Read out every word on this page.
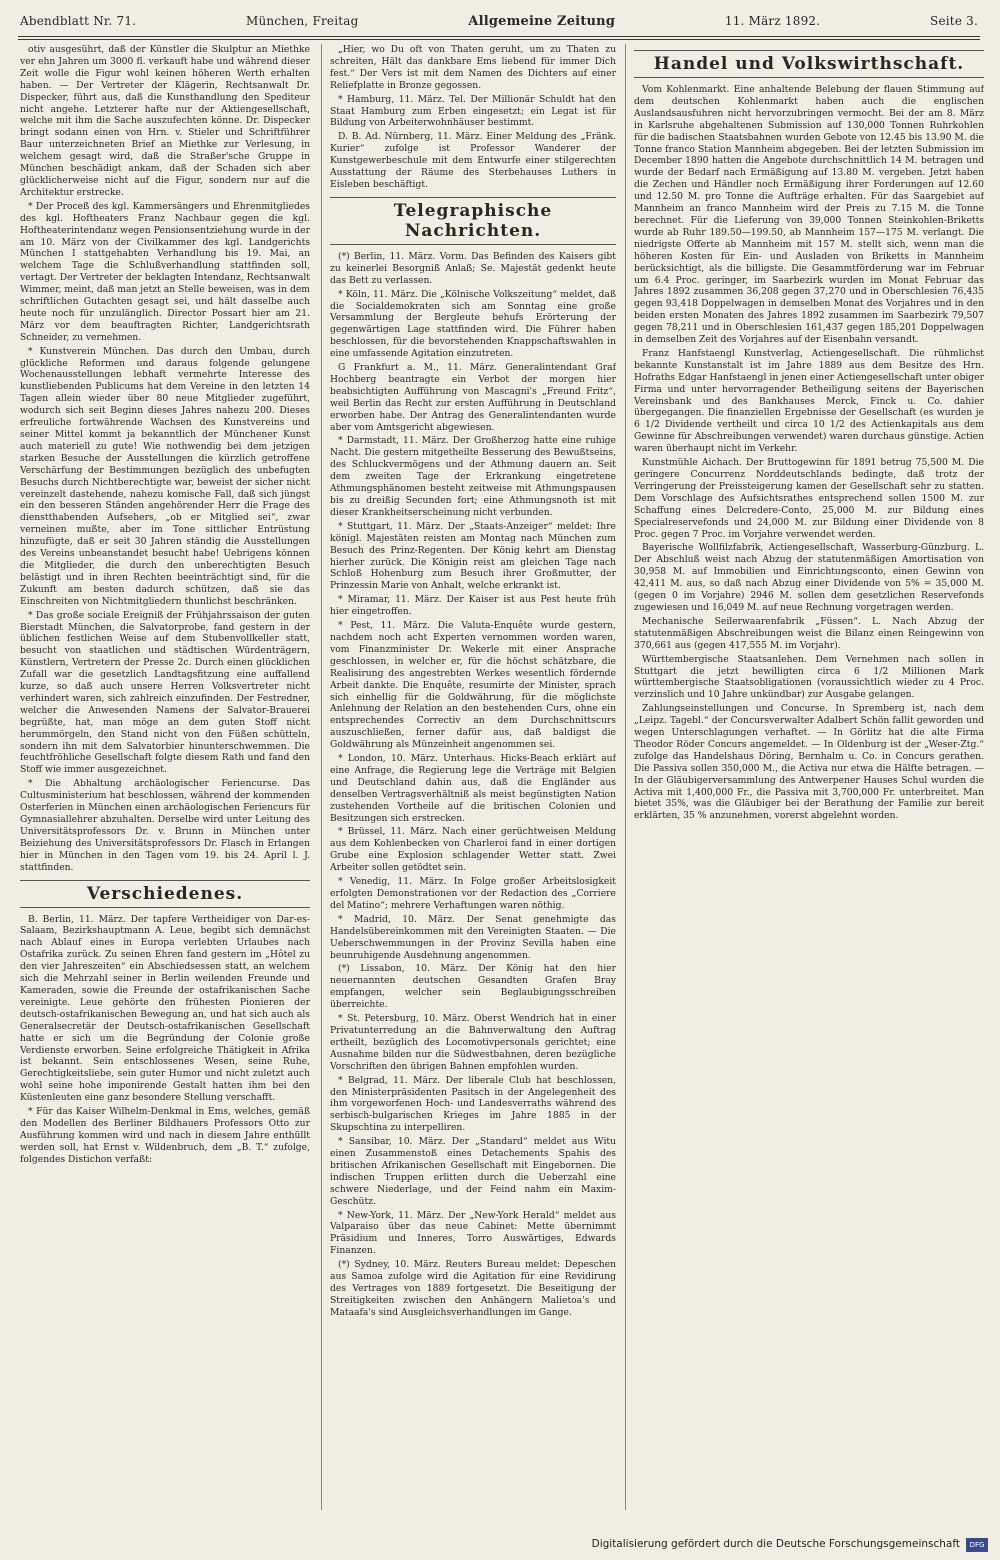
Abendblatt Nr. 71.	München, Freitag	Allgemeine Zeitung	11. März 1892.	Seite 3.
otiv ausgesührt, daß der Künstler die Skulptur an Miethke ver ehn Jahren um 3000 fl. verkauft habe und während dieser Zeit wolle die Figur wohl keinen höheren Werth erhalten haben. — Der Vertreter der Klägerin, Rechtsanwalt Dr. Dispecker, führt aus, daß die Kunsthandlung den Spediteur nicht angehe. Letzterer hafte nur der Aktiengesellschaft, welche mit ihm die Sache auszufechten könne. Dr. Dispecker bringt sodann einen von Hrn. v. Stieler und Schriftführer Baur unterzeichneten Brief an Miethke zur Verlesung, in welchem gesagt wird, daß die Straßer'sche Gruppe in München beschädigt ankam, daß der Schaden sich aber glücklicherweise nicht auf die Figur, sondern nur auf die Architektur erstrecke.
* Der Proceß des kgl. Kammersängers und Ehrenmitgliedes des kgl. Hoftheaters Franz Nachbaur gegen die kgl. Hoftheaterintendanz wegen Pensionsentziehung wurde in der am 10. März von der Civilkammer des kgl. Landgerichts München I stattgehabten Verhandlung bis 19. Mai, an welchem Tage die Schlußverhandlung stattfinden soll, vertagt. Der Vertreter der beklagten Intendanz, Rechtsanwalt Wimmer, meint, daß man jetzt an Stelle beweisen, was in dem schriftlichen Gutachten gesagt sei, und hält dasselbe auch heute noch für unzulänglich. Director Possart hier am 21. März vor dem beauftragten Richter, Landgerichtsrath Schneider, zu vernehmen.
* Kunstverein München. Das durch den Umbau, durch glückliche Reformen und daraus folgende gelungene Wochenausstellungen lebhaft vermehrte Interesse des kunstliebenden Publicums hat dem Vereine in den letzten 14 Tagen allein wieder über 80 neue Mitglieder zugeführt, wodurch sich seit Beginn dieses Jahres nahezu 200. Dieses erfreuliche fortwährende Wachsen des Kunstvereins und seiner Mittel kommt ja bekanntlich der Münchener Kunst auch materiell zu gute! Wie nothwendig bei dem jetzigen starken Besuche der Ausstellungen die kürzlich getroffene Verschärfung der Bestimmungen bezüglich des unbefugten Besuchs durch Nichtberechtigte war, beweist der sicher nicht vereinzelt dastehende, nahezu komische Fall, daß sich jüngst ein den besseren Ständen angehörender Herr die Frage des dienstthabenden Aufsehers, „ob er Mitglied sei“, zwar verneinen mußte, aber im Tone sittlicher Entrüstung hinzufügte, daß er seit 30 Jahren ständig die Ausstellungen des Vereins unbeanstandet besucht habe! Uebrigens können die Mitglieder, die durch den unberechtigten Besuch belästigt und in ihren Rechten beeinträchtigt sind, für die Zukunft am besten dadurch schützen, daß sie das Einschreiten von Nichtmitgliedern thunlichst beschränken.
* Das große sociale Ereigniß der Frühjahrssaison der guten Bierstadt München, die Salvatorprobe, fand gestern in der üblichen festlichen Weise auf dem Stubenvollkeller statt, besucht von staatlichen und städtischen Würdenträgern, Künstlern, Vertretern der Presse 2c. Durch einen glücklichen Zufall war die gesetzlich Landtagsfitzung eine auffallend kurze, so daß auch unsere Herren Volksvertreter nicht verhindert waren, sich zahlreich einzufinden. Der Festredner, welcher die Anwesenden Namens der Salvator-Brauerei begrüßte, hat, man möge an dem guten Stoff nicht herummörgeln, den Stand nicht von den Füßen schütteln, sondern ihn mit dem Salvatorbier hinunterschwemmen. Die feuchtfröhliche Gesellschaft folgte diesem Rath und fand den Stoff wie immer ausgezeichnet.
* Die Abhaltung archäologischer Feriencurse. Das Cultusministerium hat beschlossen, während der kommenden Osterferien in München einen archäologischen Feriencurs für Gymnasiallehrer abzuhalten. Derselbe wird unter Leitung des Universitätsprofessors Dr. v. Brunn in München unter Beiziehung des Universitätsprofessors Dr. Flasch in Erlangen hier in München in den Tagen vom 19. bis 24. April l. J. stattfinden.
Verschiedenes.
B. Berlin, 11. März. Der tapfere Vertheidiger von Dar-es-Salaam, Bezirkshauptmann A. Leue, begibt sich demnächst nach Ablauf eines in Europa verlebten Urlaubes nach Ostafrika zurück. Zu seinen Ehren fand gestern im „Hôtel zu den vier Jahreszeiten“ ein Abschiedsessen statt, an welchem sich die Mehrzahl seiner in Berlin weilenden Freunde und Kameraden, sowie die Freunde der ostafrikanischen Sache vereinigte. Leue gehörte den frühesten Pionieren der deutsch-ostafrikanischen Bewegung an, und hat sich auch als Generalsecretär der Deutsch-ostafrikanischen Gesellschaft hatte er sich um die Begründung der Colonie große Verdienste erworben. Seine erfolgreiche Thätigkeit in Afrika ist bekannt. Sein entschlossenes Wesen, seine Ruhe, Gerechtigkeitsliebe, sein guter Humor und nicht zuletzt auch wohl seine hohe imponirende Gestalt hatten ihm bei den Küstenleuten eine ganz besondere Stellung verschafft.
* Für das Kaiser Wilhelm-Denkmal in Ems, welches, gemäß den Modellen des Berliner Bildhauers Professors Otto zur Ausführung kommen wird und nach in diesem Jahre enthüllt werden soll, hat Ernst v. Wildenbruch, dem „B. T.“ zufolge, folgendes Distichon verfaßt:
„Hier, wo Du oft von Thaten geruht, um zu Thaten zu schreiten, Hält das dankbare Ems liebend für immer Dich fest.“ Der Vers ist mit dem Namen des Dichters auf einer Reliefplatte in Bronze gegossen.
* Hamburg, 11. März. Tel. Der Millionär Schuldt hat den Staat Hamburg zum Erben eingesetzt; ein Legat ist für Bildung von Arbeiterwohnhäuser bestimmt.
D. B. Ad. Nürnberg, 11. März. Einer Meldung des „Fränk. Kurier“ zufolge ist Professor Wanderer der Kunstgewerbeschule mit dem Entwurfe einer stilgerechten Ausstattung der Räume des Sterbehauses Luthers in Eisleben beschäftigt.
Telegraphische Nachrichten.
(*) Berlin, 11. März. Vorm. Das Befinden des Kaisers gibt zu keinerlei Besorgniß Anlaß; Se. Majestät gedenkt heute das Bett zu verlassen.
* Köln, 11. März. Die „Kölnische Volkszeitung“ meldet, daß die Socialdemokraten sich am Sonntag eine große Versammlung der Bergleute behufs Erörterung der gegenwärtigen Lage stattfinden wird. Die Führer haben beschlossen, für die bevorstehenden Knappschaftswahlen in eine umfassende Agitation einzutreten.
G Frankfurt a. M., 11. März. Generalintendant Graf Hochberg beantragte ein Verbot der morgen hier beabsichtigten Aufführung von Mascagni's „Freund Fritz“, weil Berlin das Recht zur ersten Aufführung in Deutschland erworben habe. Der Antrag des Generalintendanten wurde aber vom Amtsgericht abgewiesen.
* Darmstadt, 11. März. Der Großherzog hatte eine ruhige Nacht. Die gestern mitgetheilte Besserung des Bewußtseins, des Schluckvermögens und der Athmung dauern an. Seit dem zweiten Tage der Erkrankung eingetretene Athmungsphänomen besteht zeitweise mit Athmungspausen bis zu dreißig Secunden fort; eine Athmungsnoth ist mit dieser Krankheitserscheinung nicht verbunden.
* Stuttgart, 11. März. Der „Staats-Anzeiger“ meldet: Ihre königl. Majestäten reisten am Montag nach München zum Besuch des Prinz-Regenten. Der König kehrt am Dienstag hierher zurück. Die Königin reist am gleichen Tage nach Schloß Hohenburg zum Besuch ihrer Großmutter, der Prinzessin Marie von Anhalt, welche erkrankt ist.
* Miramar, 11. März. Der Kaiser ist aus Pest heute früh hier eingetroffen.
* Pest, 11. März. Die Valuta-Enquête wurde gestern, nachdem noch acht Experten vernommen worden waren, vom Finanzminister Dr. Wekerle mit einer Ansprache geschlossen, in welcher er, für die höchst schätzbare, die Realisirung des angestrebten Werkes wesentlich fördernde Arbeit dankte. Die Enquête, resumirte der Minister, sprach sich einhellig für die Goldwährung, für die möglichste Anlehnung der Relation an den bestehenden Curs, ohne ein entsprechendes Correctiv an dem Durchschnittscurs auszuschließen, ferner dafür aus, daß baldigst die Goldwährung als Münzeinheit angenommen sei.
* London, 10. März. Unterhaus. Hicks-Beach erklärt auf eine Anfrage, die Regierung lege die Verträge mit Belgien und Deutschland dahin aus, daß die Engländer aus denselben Vertragsverhältniß als meist begünstigten Nation zustehenden Vortheile auf die britischen Colonien und Besitzungen sich erstrecken.
* Brüssel, 11. März. Nach einer gerüchtweisen Meldung aus dem Kohlenbecken von Charleroi fand in einer dortigen Grube eine Explosion schlagender Wetter statt. Zwei Arbeiter sollen getödtet sein.
* Venedig, 11. März. In Folge großer Arbeitslosigkeit erfolgten Demonstrationen vor der Redaction des „Corriere del Matino“; mehrere Verhaftungen waren nöthig.
* Madrid, 10. März. Der Senat genehmigte das Handelsübereinkommen mit den Vereinigten Staaten. — Die Ueberschwemmungen in der Provinz Sevilla haben eine beunruhigende Ausdehnung angenommen.
(*) Lissabon, 10. März. Der König hat den hier neuernannten deutschen Gesandten Grafen Bray empfangen, welcher sein Beglaubigungsschreiben überreichte.
* St. Petersburg, 10. März. Oberst Wendrich hat in einer Privatunterredung an die Bahnverwaltung den Auftrag ertheilt, bezüglich des Locomotivpersonals gerichtet; eine Ausnahme bilden nur die Südwestbahnen, deren bezügliche Vorschriften den übrigen Bahnen empfohlen wurden.
* Belgrad, 11. März. Der liberale Club hat beschlossen, den Ministerpräsidenten Pasitsch in der Angelegenheit des ihm vorgeworfenen Hoch- und Landesverraths während des serbisch-bulgarischen Krieges im Jahre 1885 in der Skupschtina zu interpelliren.
* Sansibar, 10. März. Der „Standard“ meldet aus Witu einen Zusammenstoß eines Detachements Spahis des britischen Afrikanischen Gesellschaft mit Eingebornen. Die indischen Truppen erlitten durch die Ueberzahl eine schwere Niederlage, und der Feind nahm ein Maxim-Geschütz.
* New-York, 11. März. Der „New-York Herald“ meldet aus Valparaiso über das neue Cabinet: Mette übernimmt Präsidium und Inneres, Torro Auswärtiges, Edwards Finanzen.
(*) Sydney, 10. März. Reuters Bureau meldet: Depeschen aus Samoa zufolge wird die Agitation für eine Revidirung des Vertrages von 1889 fortgesetzt. Die Beseitigung der Streitigkeiten zwischen den Anhängern Malietoa's und Mataafa's sind Ausgleichsverhandlungen im Gange.
Handel und Volkswirthschaft.
Vom Kohlenmarkt. Eine anhaltende Belebung der flauen Stimmung auf dem deutschen Kohlenmarkt haben auch die englischen Auslandsausfuhren nicht hervorzubringen vermocht. Bei der am 8. März in Karlsruhe abgehaltenen Submission auf 130,000 Tonnen Ruhrkohlen für die badischen Staatsbahnen wurden Gebote von 12.45 bis 13.90 M. die Tonne franco Station Mannheim abgegeben. Bei der letzten Submission im December 1890 hatten die Angebote durchschnittlich 14 M. betragen und wurde der Bedarf nach Ermäßigung auf 13.80 M. vergeben. Jetzt haben die Zechen und Händler noch Ermäßigung ihrer Forderungen auf 12.60 und 12.50 M. pro Tonne die Aufträge erhalten. Für das Saargebiet auf Mannheim an franco Mannheim wird der Preis zu 7.15 M. die Tonne berechnet. Für die Lieferung von 39,000 Tonnen Steinkohlen-Briketts wurde ab Ruhr 189.50—199.50, ab Mannheim 157—175 M. verlangt. Die niedrigste Offerte ab Mannheim mit 157 M. stellt sich, wenn man die höheren Kosten für Ein- und Ausladen von Briketts in Mannheim berücksichtigt, als die billigste. Die Gesammtförderung war im Februar um 6.4 Proc. geringer, im Saarbezirk wurden im Monat Februar das Jahres 1892 zusammen 36,208 gegen 37,270 und in Oberschlesien 76,435 gegen 93,418 Doppelwagen in demselben Monat des Vorjahres und in den beiden ersten Monaten des Jahres 1892 zusammen im Saarbezirk 79,507 gegen 78,211 und in Oberschlesien 161,437 gegen 185,201 Doppelwagen in demselben Zeit des Vorjahres auf der Eisenbahn versandt.
Franz Hanfstaengl Kunstverlag, Actiengesellschaft. Die rühmlichst bekannte Kunstanstalt ist im Jahre 1889 aus dem Besitze des Hrn. Hofraths Edgar Hanfstaengl in jenen einer Actiengesellschaft unter obiger Firma und unter hervorragender Betheiligung seitens der Bayerischen Vereinsbank und des Bankhauses Merck, Finck u. Co. dahier übergegangen. Die finanziellen Ergebnisse der Gesellschaft (es wurden je 6 1/2 Dividende vertheilt und circa 10 1/2 des Actienkapitals aus dem Gewinne für Abschreibungen verwendet) waren durchaus günstige. Actien waren überhaupt nicht im Verkehr.
Kunstmühle Aichach. Der Bruttogewinn für 1891 betrug 75,500 M. Die geringere Concurrenz Norddeutschlands bedingte, daß trotz der Verringerung der Preissteigerung kamen der Gesellschaft sehr zu statten. Dem Vorschlage des Aufsichtsrathes entsprechend sollen 1500 M. zur Schaffung eines Delcredere-Conto, 25,000 M. zur Bildung eines Specialreservefonds und 24,000 M. zur Bildung einer Dividende von 8 Proc. gegen 7 Proc. im Vorjahre verwendet werden.
Bayerische Wollfilzfabrik, Actiengesellschaft, Wasserburg-Günzburg. L. Der Abschluß weist nach Abzug der statutenmäßigen Amortisation von 30,958 M. auf Immobilien und Einrichtungsconto, einen Gewinn von 42,411 M. aus, so daß nach Abzug einer Dividende von 5% = 35,000 M. (gegen 0 im Vorjahre) 2946 M. sollen dem gesetzlichen Reservefonds zugewiesen und 16,049 M. auf neue Rechnung vorgetragen werden.
Mechanische Seilerwaarenfabrik „Füssen“. L. Nach Abzug der statutenmäßigen Abschreibungen weist die Bilanz einen Reingewinn von 370,661 aus (gegen 417,555 M. im Vorjahr).
Württembergische Staatsanlehen. Dem Vernehmen nach sollen in Stuttgart die jetzt bewilligten circa 6 1/2 Millionen Mark württembergische Staatsobligationen (voraussichtlich wieder zu 4 Proc. verzinslich und 10 Jahre unkündbar) zur Ausgabe gelangen.
Zahlungseinstellungen und Concurse. In Spremberg ist, nach dem „Leipz. Tagebl.“ der Concursverwalter Adalbert Schön fallit geworden und wegen Unterschlagungen verhaftet. — In Görlitz hat die alte Firma Theodor Röder Concurs angemeldet. — In Oldenburg ist der „Weser-Ztg.“ zufolge das Handelshaus Döring, Bernhalm u. Co. in Concurs gerathen. Die Passiva sollen 350,000 M., die Activa nur etwa die Hälfte betragen. — In der Gläubigerversammlung des Antwerpener Hauses Schul wurden die Activa mit 1,400,000 Fr., die Passiva mit 3,700,000 Fr. unterbreitet. Man bietet 35%, was die Gläubiger bei der Berathung der Familie zur bereit erklärten, 35 % anzunehmen, vorerst abgelehnt worden.
Digitalisierung gefördert durch die Deutsche Forschungsgemeinschaft	DFG
